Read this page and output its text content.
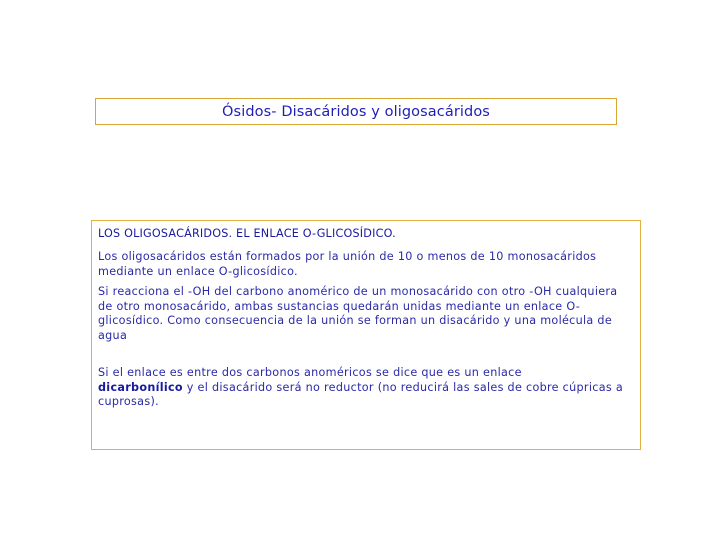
Ósidos- Disacáridos y oligosacáridos
LOS OLIGOSACÁRIDOS. EL ENLACE O-GLICOSÍDICO.
Los oligosacáridos están formados por la unión de 10 o menos de 10 monosacáridos mediante un enlace O-glicosídico.
Si reacciona el -OH del carbono anomérico de un monosacárido con otro -OH cualquiera de otro monosacárido, ambas sustancias quedarán unidas mediante un enlace O-glicosídico. Como consecuencia de la unión se forman un disacárido y una molécula de agua
Si el enlace es entre dos carbonos anoméricos se dice que es un enlace
dicarbonílico y el disacárido será no reductor (no reducirá las sales de cobre cúpricas a cuprosas).
